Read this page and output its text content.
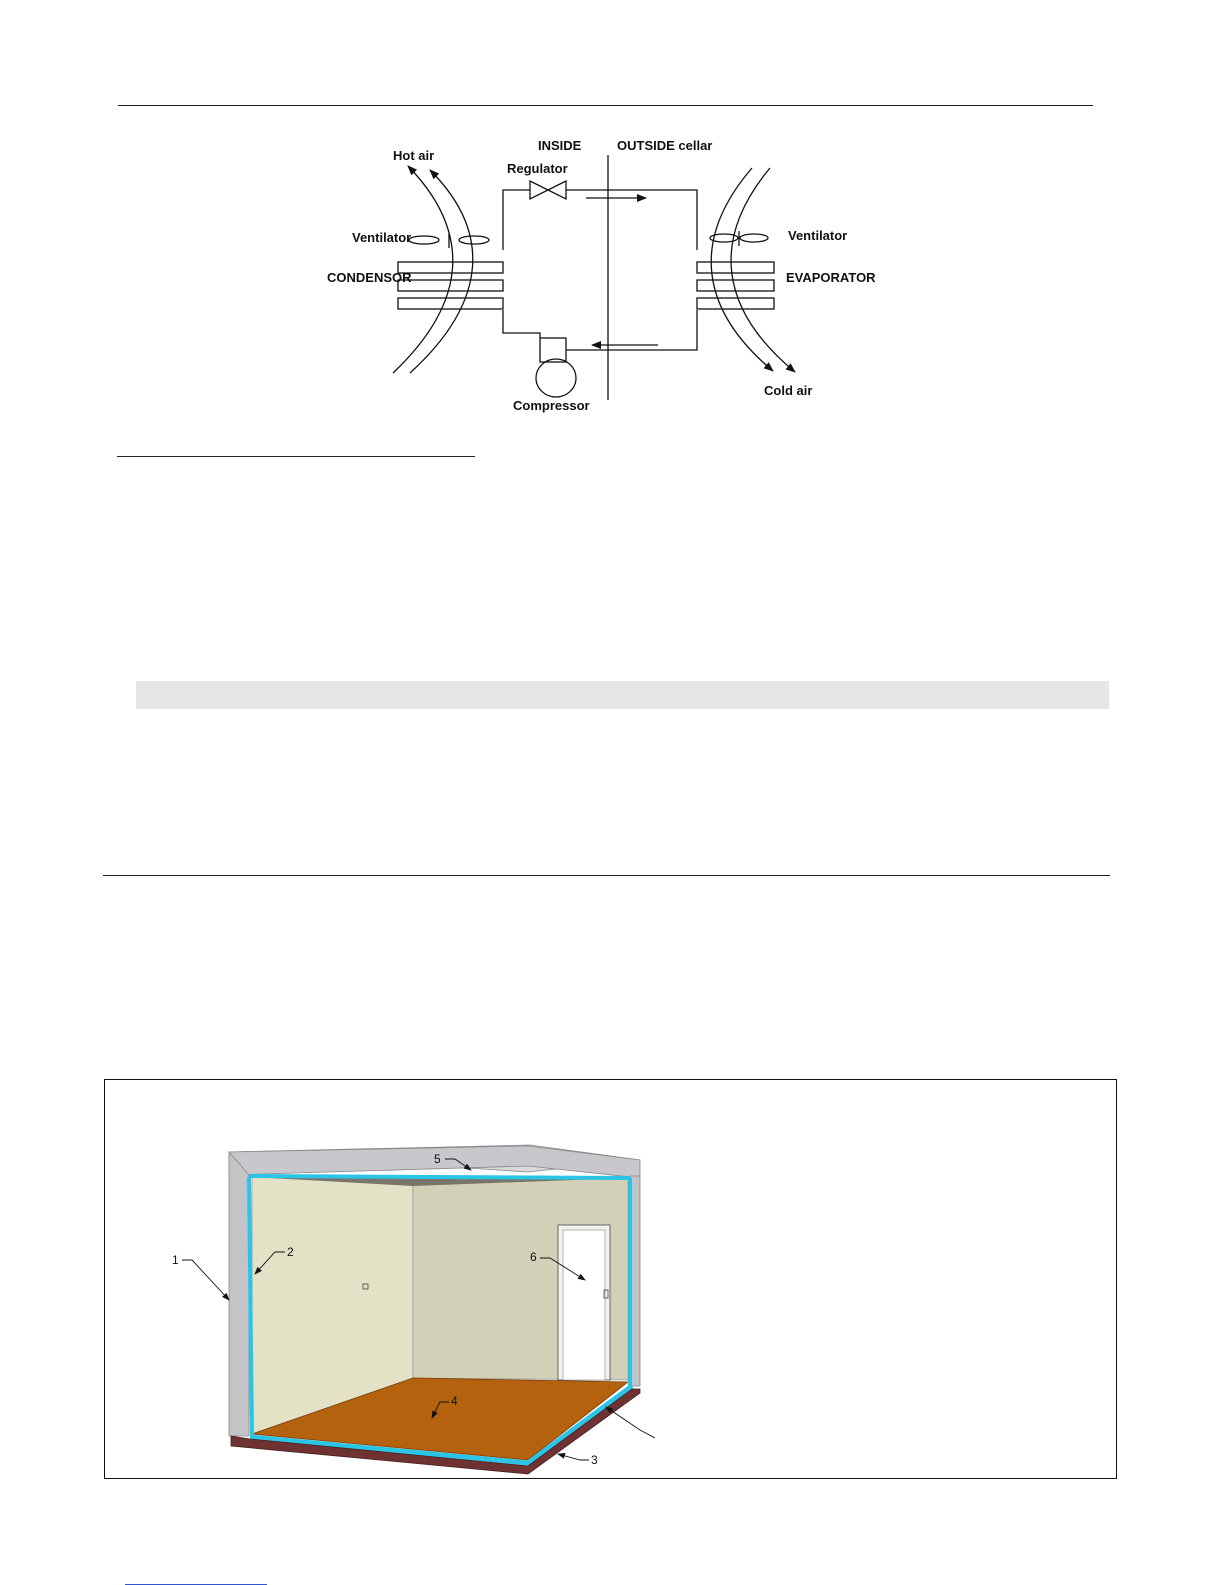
Hot air
Regulator
INSIDE	OUTSIDE cellar
Ventilator
CONDENSOR
Ventilator
EVAPORATOR
Compressor
Cold air
1
2
3
4
5
6
